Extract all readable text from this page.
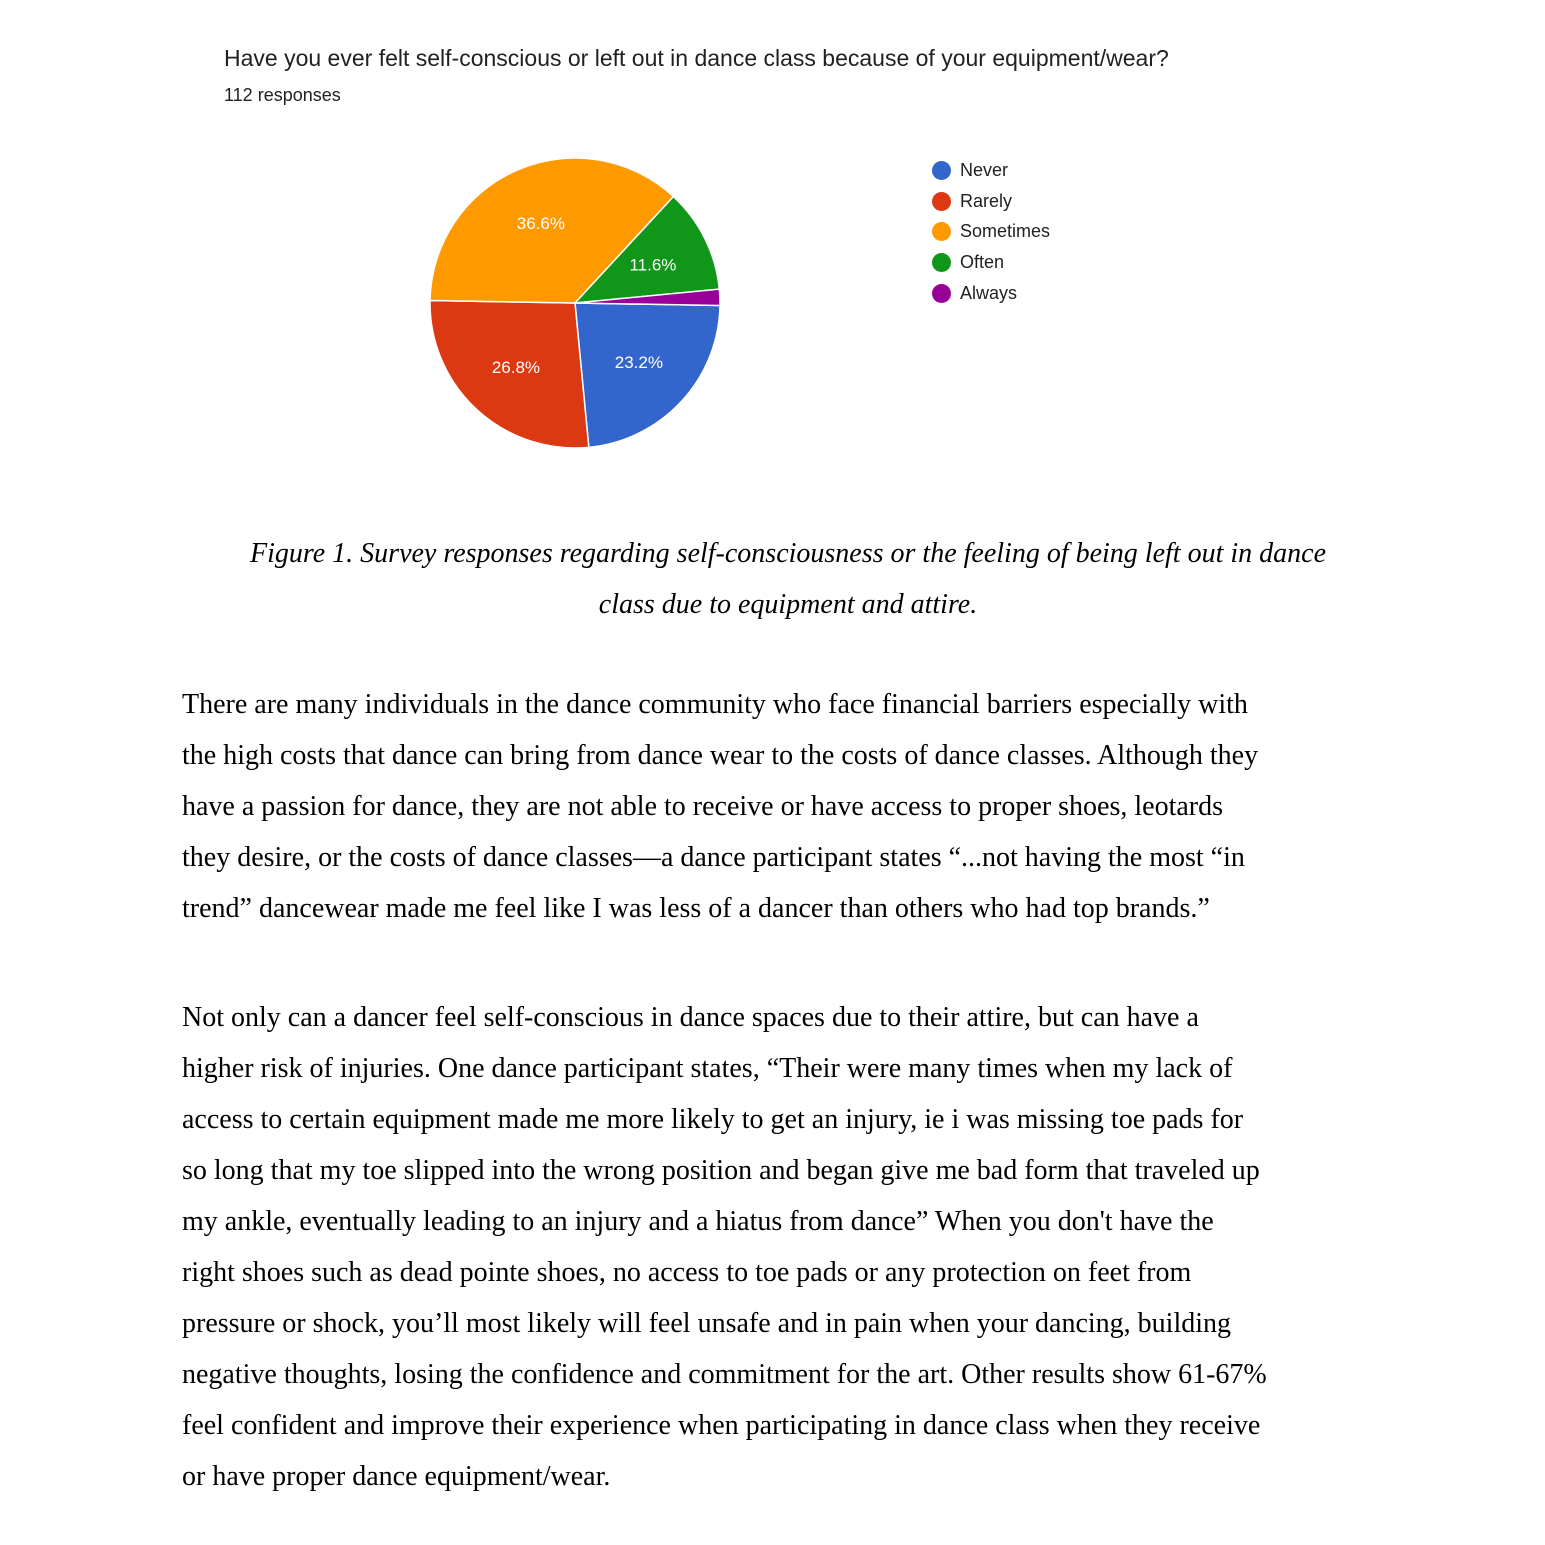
Have you ever felt self-conscious or left out in dance class because of your equipment/wear?
112 responses
23.2%
26.8%
36.6%
11.6%
Never
Rarely
Sometimes
Often
Always
Figure 1. Survey responses regarding self-consciousness or the feeling of being left out in dance
class due to equipment and attire.
There are many individuals in the dance community who face financial barriers especially with
the high costs that dance can bring from dance wear to the costs of dance classes. Although they
have a passion for dance, they are not able to receive or have access to proper shoes, leotards
they desire, or the costs of dance classes—a dance participant states “...not having the most “in
trend” dancewear made me feel like I was less of a dancer than others who had top brands.”
Not only can a dancer feel self-conscious in dance spaces due to their attire, but can have a
higher risk of injuries. One dance participant states, “Their were many times when my lack of
access to certain equipment made me more likely to get an injury, ie i was missing toe pads for
so long that my toe slipped into the wrong position and began give me bad form that traveled up
my ankle, eventually leading to an injury and a hiatus from dance” When you don't have the
right shoes such as dead pointe shoes, no access to toe pads or any protection on feet from
pressure or shock, you’ll most likely will feel unsafe and in pain when your dancing, building
negative thoughts, losing the confidence and commitment for the art. Other results show 61-67%
feel confident and improve their experience when participating in dance class when they receive
or have proper dance equipment/wear.
